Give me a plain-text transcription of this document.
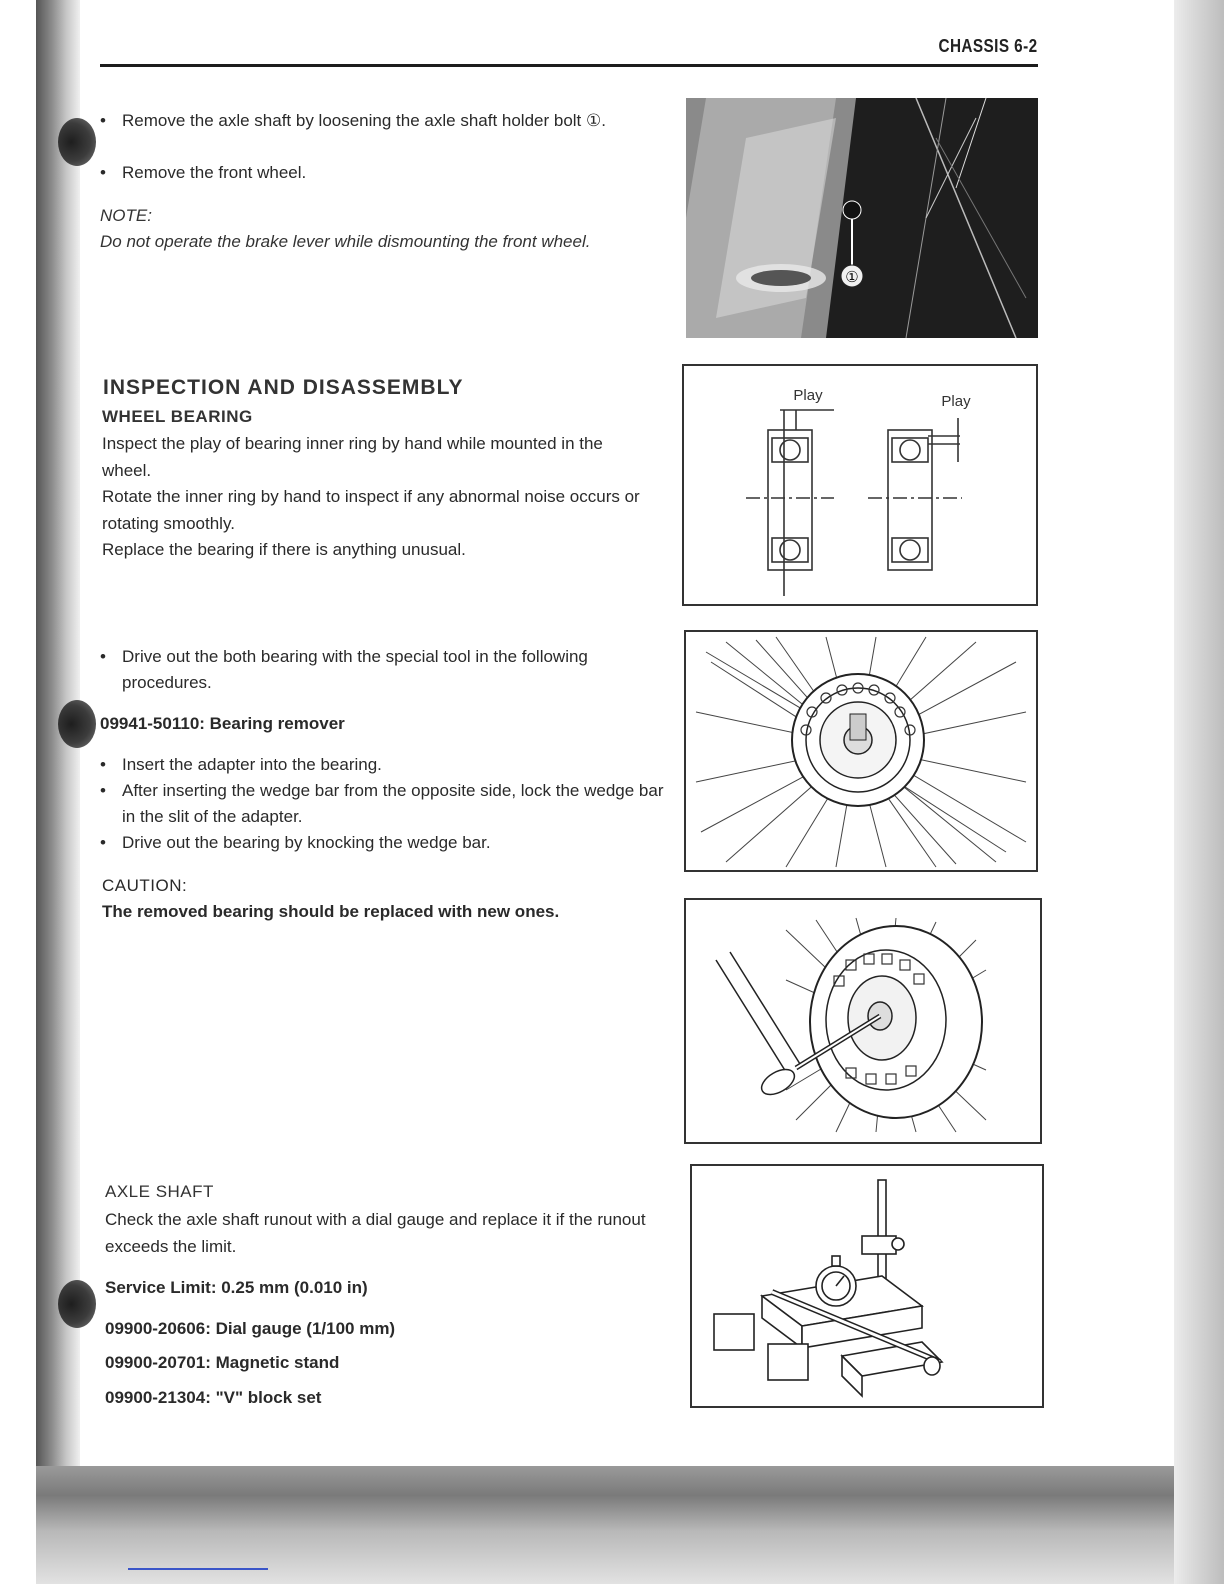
CHASSIS 6-2
• Remove the axle shaft by loosening the axle shaft holder bolt ①.
• Remove the front wheel.
NOTE:
Do not operate the brake lever while dismounting the front wheel.
①
INSPECTION AND DISASSEMBLY
WHEEL BEARING
Inspect the play of bearing inner ring by hand while mounted in the wheel.
Rotate the inner ring by hand to inspect if any abnormal noise occurs or rotating smoothly.
Replace the bearing if there is anything unusual.
Play	Play
• Drive out the both bearing with the special tool in the following procedures.
09941-50110: Bearing remover
• Insert the adapter into the bearing.
• After inserting the wedge bar from the opposite side, lock the wedge bar in the slit of the adapter.
• Drive out the bearing by knocking the wedge bar.
CAUTION:
The removed bearing should be replaced with new ones.
AXLE SHAFT
Check the axle shaft runout with a dial gauge and replace it if the runout exceeds the limit.
Service Limit: 0.25 mm (0.010 in)
09900-20606: Dial gauge (1/100 mm)
09900-20701: Magnetic stand
09900-21304: "V" block set
